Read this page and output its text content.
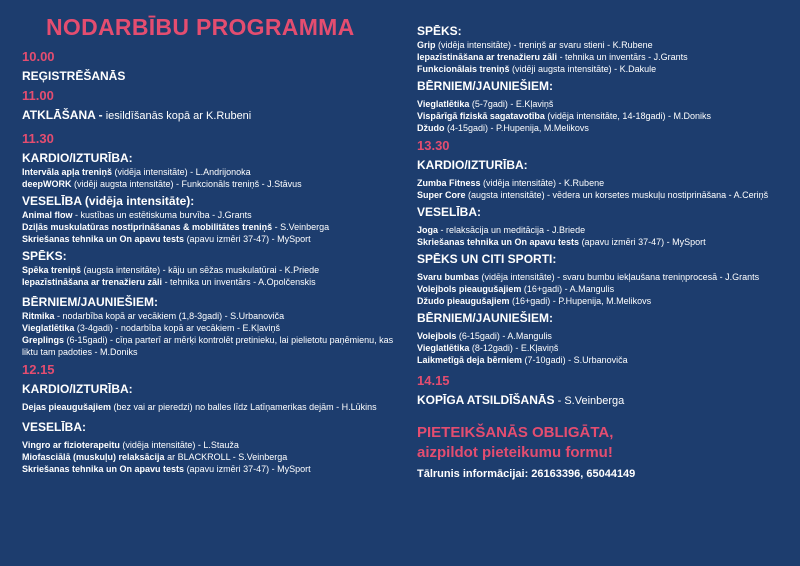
NODARBĪBU PROGRAMMA

10.00

REĢISTRĒŠANĀS

11.00

ATKLĀŠANA - iesildīšanās kopā ar K.Rubeni

11.30

KARDIO/IZTURĪBA:

Intervāla apļa treniņš (vidēja intensitāte) - L.Andrijonoka

deepWORK (vidēji augsta intensitāte) - Funkcionāls treniņš - J.Stāvus

VESELĪBA (vidēja intensitāte):

Animal flow - kustības un estētiskuma burvība - J.Grants

Dziļās muskulatūras nostiprināšanas & mobilitātes treniņš - S.Veinberga

Skriešanas tehnika un On apavu tests (apavu izmēri 37-47) - MySport

SPĒKS:

Spēka treniņš (augsta intensitāte) - kāju un sēžas muskulatūrai - K.Priede

Iepazīstināšana ar trenažieru zāli - tehnika un inventārs - A.Opolčenskis

BĒRNIEM/JAUNIEŠIEM:

Ritmika - nodarbība kopā ar vecākiem (1,8-3gadi) - S.Urbanoviča

Vieglatlētika (3-4gadi) - nodarbība kopā ar vecākiem - E.Kļaviņš

Greplings (6-15gadi) - cīņa parterī ar mērķi kontrolēt pretinieku, lai pielietotu paņēmienu, kas liktu tam padoties - M.Doniks

12.15

KARDIO/IZTURĪBA:

Dejas pieaugušajiem (bez vai ar pieredzi) no balles līdz Latīņamerikas dejām - H.Lūkins

VESELĪBA:

Vingro ar fizioterapeitu (vidēja intensitāte) - L.Stauža

Miofasciālā (muskuļu) relaksācija ar BLACKROLL - S.Veinberga

Skriešanas tehnika un On apavu tests (apavu izmēri 37-47) - MySport

SPĒKS:

Grip (vidēja intensitāte) - treniņš ar svaru stieni - K.Rubene

Iepazīstināšana ar trenažieru zāli - tehnika un inventārs - J.Grants

Funkcionālais treniņš (vidēji augsta intensitāte) - K.Dakule

BĒRNIEM/JAUNIEŠIEM:

Vieglatlētika (5-7gadi) - E.Kļaviņš

Vispārīgā fiziskā sagatavotība (vidēja intensitāte, 14-18gadi) - M.Doniks

Džudo (4-15gadi) - P.Hupenija, M.Melikovs

13.30

KARDIO/IZTURĪBA:

Zumba Fitness (vidēja intensitāte) - K.Rubene

Super Core (augsta intensitāte) - vēdera un korsetes muskuļu nostiprināšana - A.Ceriņš

VESELĪBA:

Joga - relaksācija un meditācija - J.Briede

Skriešanas tehnika un On apavu tests (apavu izmēri 37-47) - MySport

SPĒKS UN CITI SPORTI:

Svaru bumbas (vidēja intensitāte) - svaru bumbu iekļaušana treniņprocesā - J.Grants

Volejbols pieaugušajiem (16+gadi) - A.Mangulis

Džudo pieaugušajiem (16+gadi) - P.Hupenija, M.Melikovs

BĒRNIEM/JAUNIEŠIEM:

Volejbols (6-15gadi) - A.Mangulis

Vieglatlētika (8-12gadi) - E.Kļaviņš

Laikmetīgā deja bērniem (7-10gadi) - S.Urbanoviča

14.15

KOPĪGA ATSILDĪŠANĀS - S.Veinberga

PIETEIKŠANĀS OBLIGĀTA,

aizpildot pieteikumu formu!

Tālrunis informācijai: 26163396, 65044149
